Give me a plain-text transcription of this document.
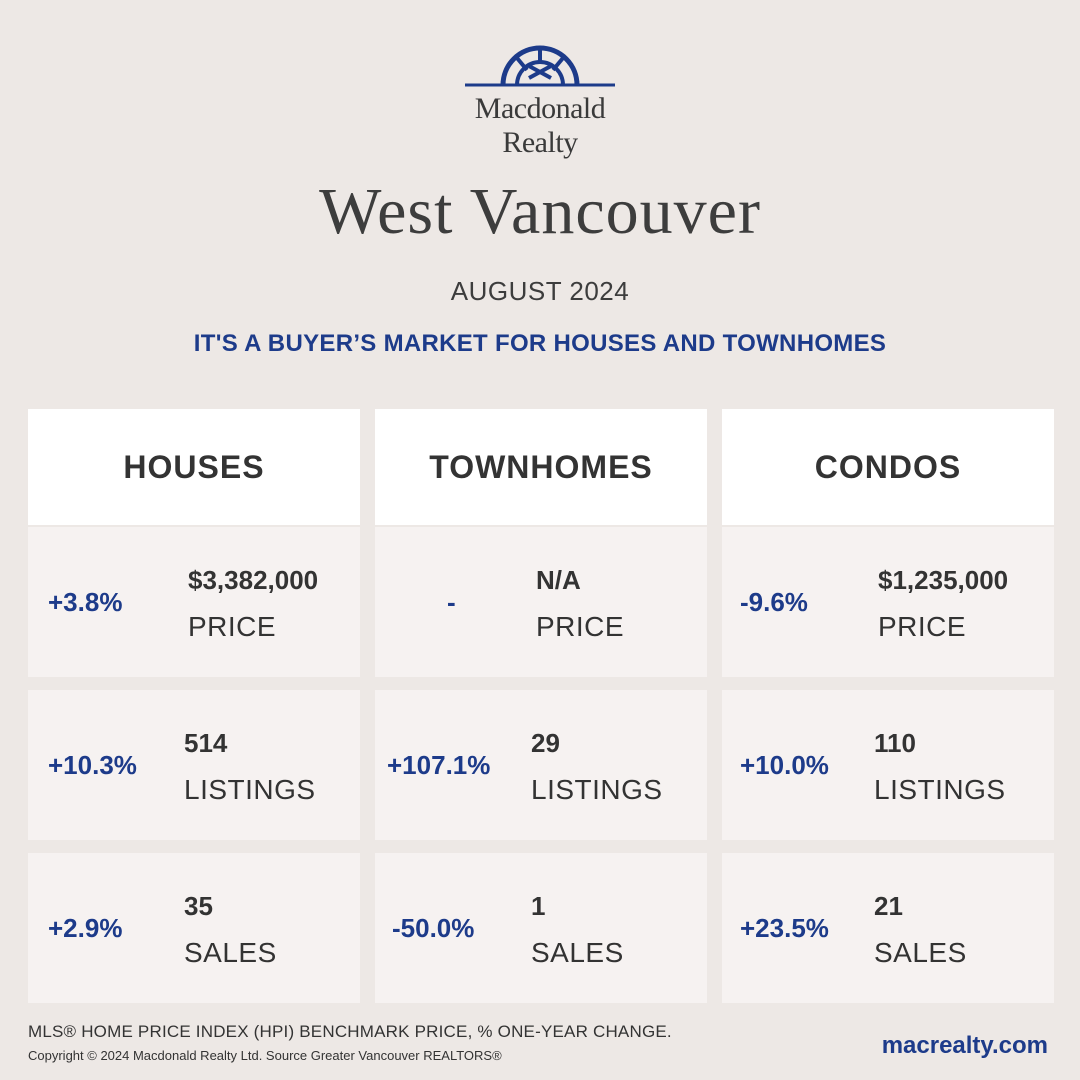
Macdonald
Realty
West Vancouver
AUGUST 2024
IT'S A BUYER’S MARKET FOR HOUSES AND TOWNHOMES
HOUSES
+3.8%
$3,382,000
PRICE
+10.3%
514
LISTINGS
+2.9%
35
SALES
TOWNHOMES
-
N/A
PRICE
+107.1%
29
LISTINGS
-50.0%
1
SALES
CONDOS
-9.6%
$1,235,000
PRICE
+10.0%
110
LISTINGS
+23.5%
21
SALES
MLS® HOME PRICE INDEX (HPI) BENCHMARK PRICE, % ONE-YEAR CHANGE.
Copyright © 2024 Macdonald Realty Ltd. Source Greater Vancouver REALTORS®	macrealty.com
